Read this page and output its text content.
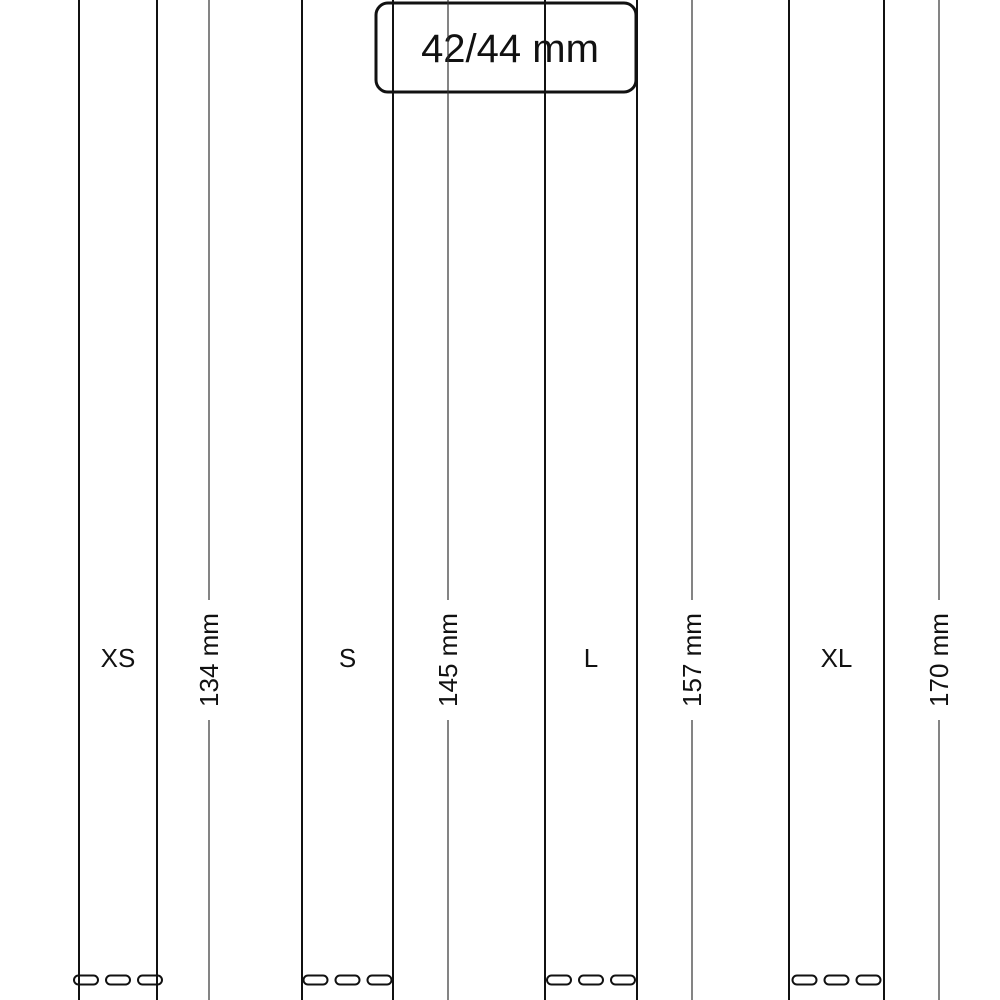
42/44 mm
XS 134 mm	S	145 mm	L	157 mm	XL	170 mm
